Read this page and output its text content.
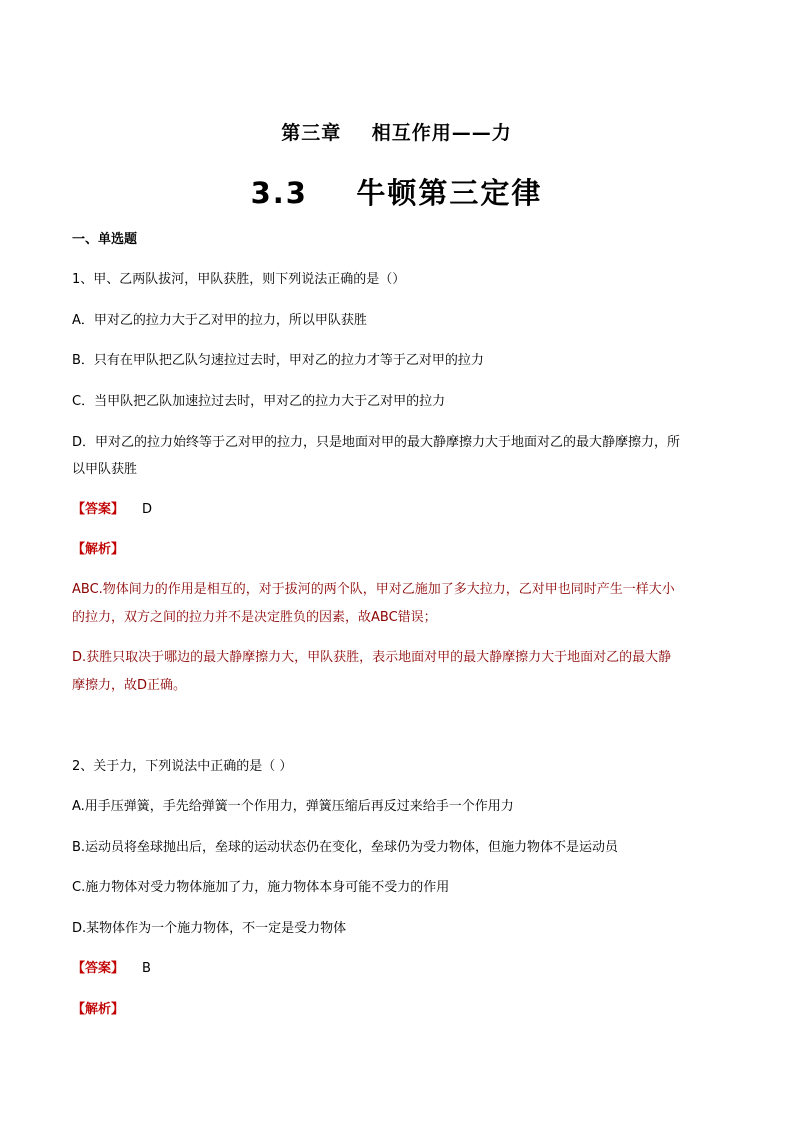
第三章    相互作用——力
3.3    牛顿第三定律
一、单选题
1、甲、乙两队拔河，甲队获胜，则下列说法正确的是（）
A．甲对乙的拉力大于乙对甲的拉力，所以甲队获胜
B．只有在甲队把乙队匀速拉过去时，甲对乙的拉力才等于乙对甲的拉力
C．当甲队把乙队加速拉过去时，甲对乙的拉力大于乙对甲的拉力
D．甲对乙的拉力始终等于乙对甲的拉力，只是地面对甲的最大静摩擦力大于地面对乙的最大静摩擦力，所
以甲队获胜
【答案】 D
【解析】
ABC.物体间力的作用是相互的，对于拔河的两个队，甲对乙施加了多大拉力，乙对甲也同时产生一样大小
的拉力，双方之间的拉力并不是决定胜负的因素，故ABC错误；
D.获胜只取决于哪边的最大静摩擦力大，甲队获胜，表示地面对甲的最大静摩擦力大于地面对乙的最大静
摩擦力，故D正确。
2、关于力，下列说法中正确的是（ ）
A.用手压弹簧，手先给弹簧一个作用力，弹簧压缩后再反过来给手一个作用力
B.运动员将垒球抛出后，垒球的运动状态仍在变化，垒球仍为受力物体，但施力物体不是运动员
C.施力物体对受力物体施加了力，施力物体本身可能不受力的作用
D.某物体作为一个施力物体，不一定是受力物体
【答案】 B
【解析】
